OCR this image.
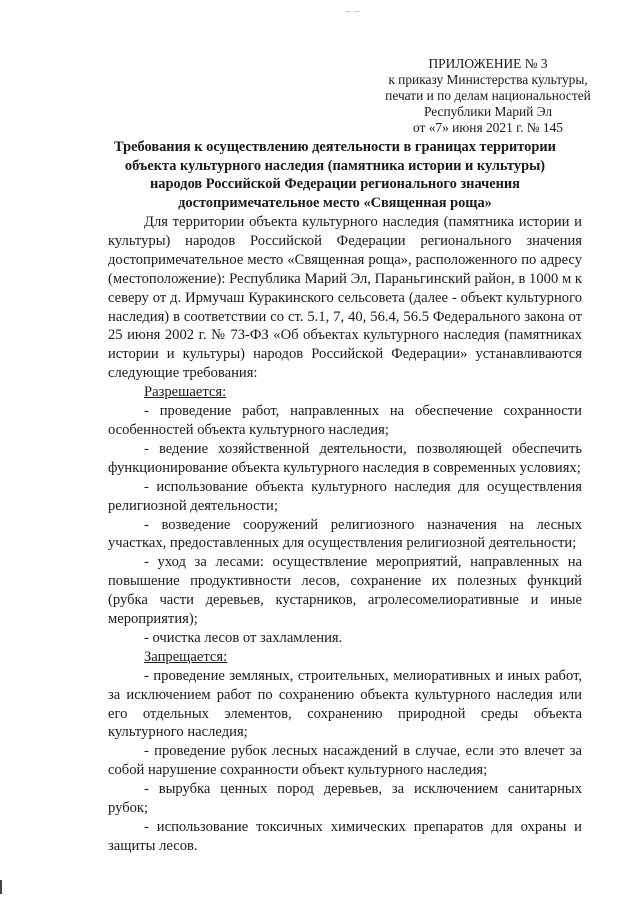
– –
ПРИЛОЖЕНИЕ № 3
к приказу Министерства культуры,
печати и по делам национальностей
Республики Марий Эл
от «7» июня 2021 г. № 145
Требования к осуществлению деятельности в границах территории
объекта культурного наследия (памятника истории и культуры)
народов Российской Федерации регионального значения
достопримечательное место «Священная роща»

Для территории объекта культурного наследия (памятника истории и культуры) народов Российской Федерации регионального значения достопримечательное место «Священная роща», расположенного по адресу (местоположение): Республика Марий Эл, Параньгинский район, в 1000 м к северу от д. Ирмучаш Куракинского сельсовета (далее - объект культурного наследия) в соответствии со ст. 5.1, 7, 40, 56.4, 56.5 Федерального закона от 25 июня 2002 г. № 73-ФЗ «Об объектах культурного наследия (памятниках истории и культуры) народов Российской Федерации» устанавливаются следующие требования:

Разрешается:

- проведение работ, направленных на обеспечение сохранности особенностей объекта культурного наследия;

- ведение хозяйственной деятельности, позволяющей обеспечить функционирование объекта культурного наследия в современных условиях;

- использование объекта культурного наследия для осуществления религиозной деятельности;

- возведение сооружений религиозного назначения на лесных участках, предоставленных для осуществления религиозной деятельности;

- уход за лесами: осуществление мероприятий, направленных на повышение продуктивности лесов, сохранение их полезных функций (рубка части деревьев, кустарников, агролесомелиоративные и иные мероприятия);

- очистка лесов от захламления.

Запрещается:

- проведение земляных, строительных, мелиоративных и иных работ, за исключением работ по сохранению объекта культурного наследия или его отдельных элементов, сохранению природной среды объекта культурного наследия;

- проведение рубок лесных насаждений в случае, если это влечет за собой нарушение сохранности объект культурного наследия;

- вырубка ценных пород деревьев, за исключением санитарных рубок;

- использование токсичных химических препаратов для охраны и защиты лесов.
